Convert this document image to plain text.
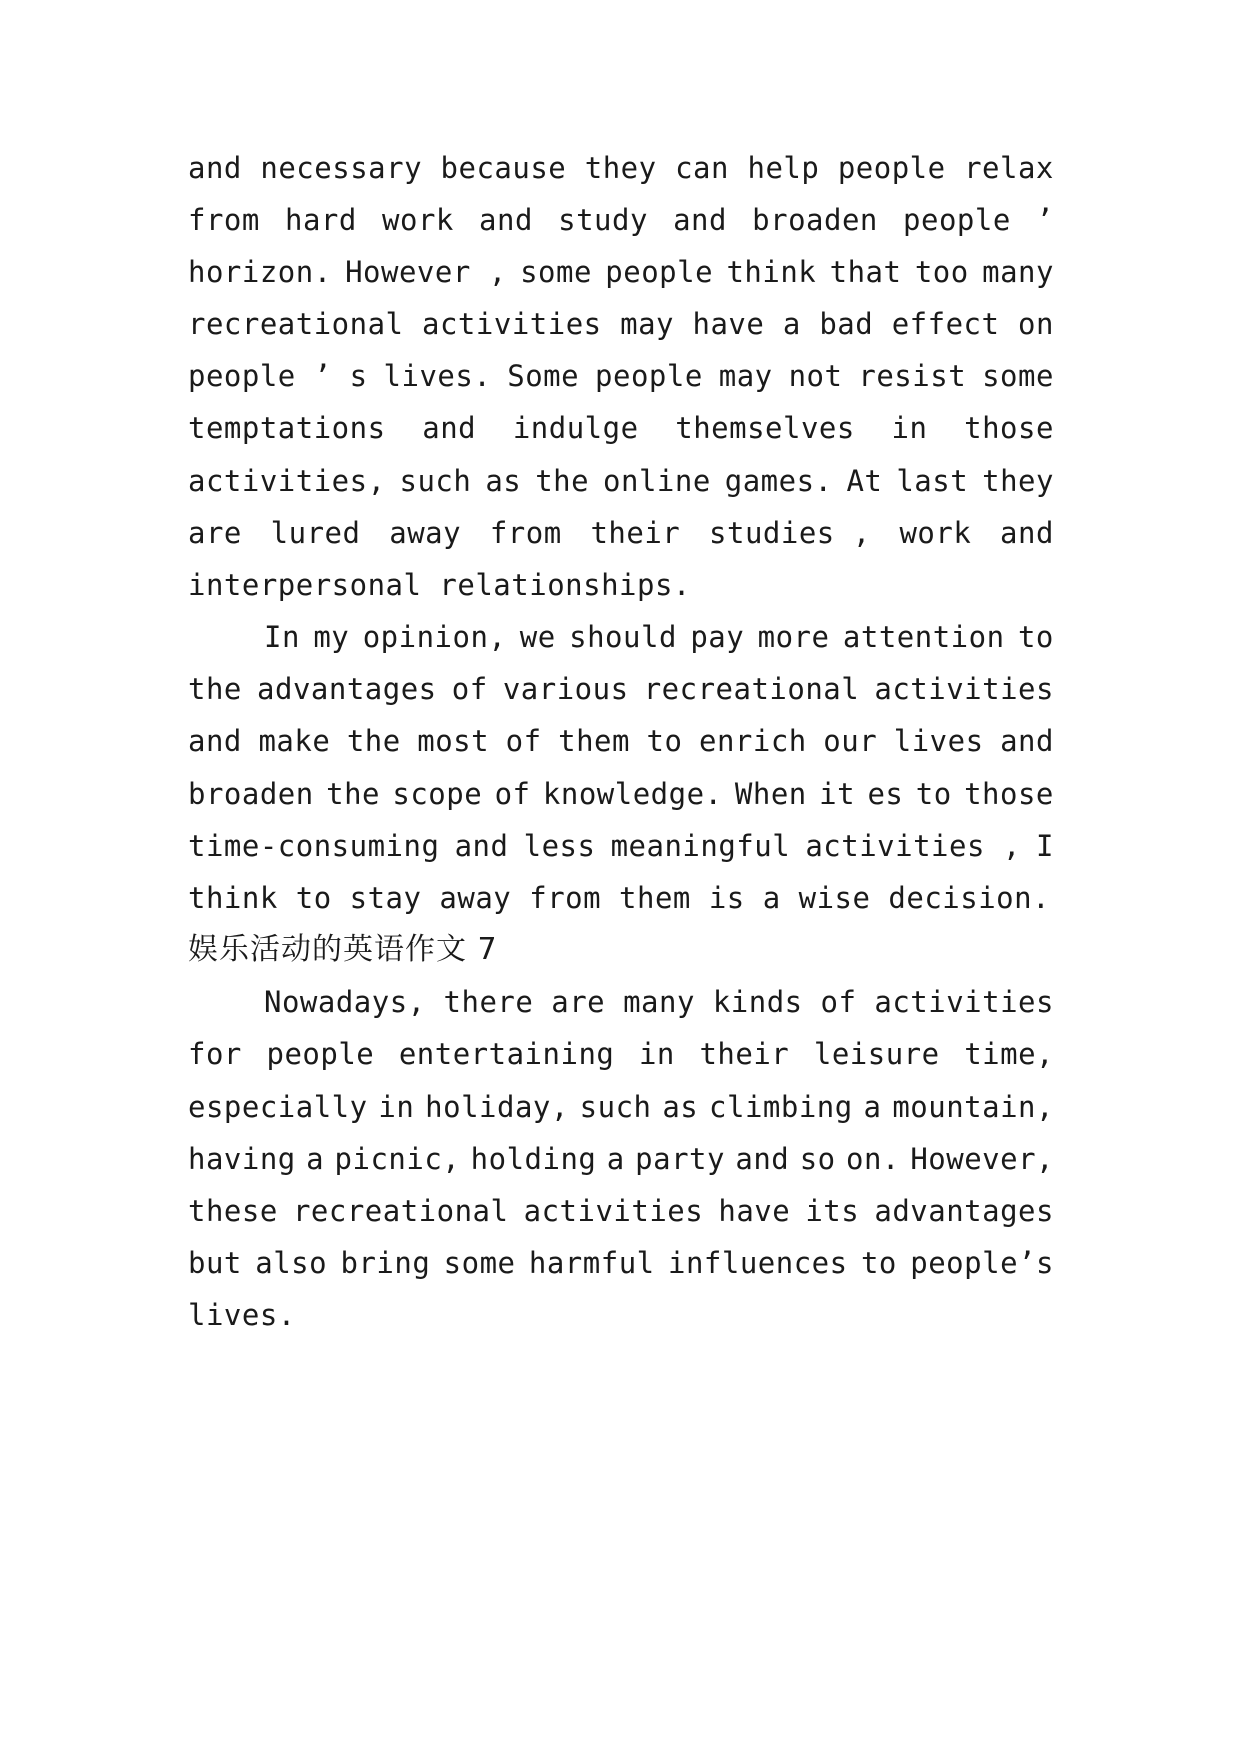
and necessary because they can help people relax
from hard work and study and broaden people ’
horizon. However , some people think that too many
recreational activities may have a bad effect on
people ’ s lives. Some people may not resist some
temptations and indulge themselves in those
activities, such as the online games. At last they
are lured away from their studies , work and
interpersonal relationships.
In my opinion, we should pay more attention to
the advantages of various recreational activities
and make the most of them to enrich our lives and
broaden the scope of knowledge. When it es to those
time-consuming and less meaningful activities , I
think to stay away from them is a wise decision.
娱乐活动的英语作文 7
Nowadays, there are many kinds of activities
for people entertaining in their leisure time,
especially in holiday, such as climbing a mountain,
having a picnic, holding a party and so on. However,
these recreational activities have its advantages
but also bring some harmful influences to people’s
lives.
